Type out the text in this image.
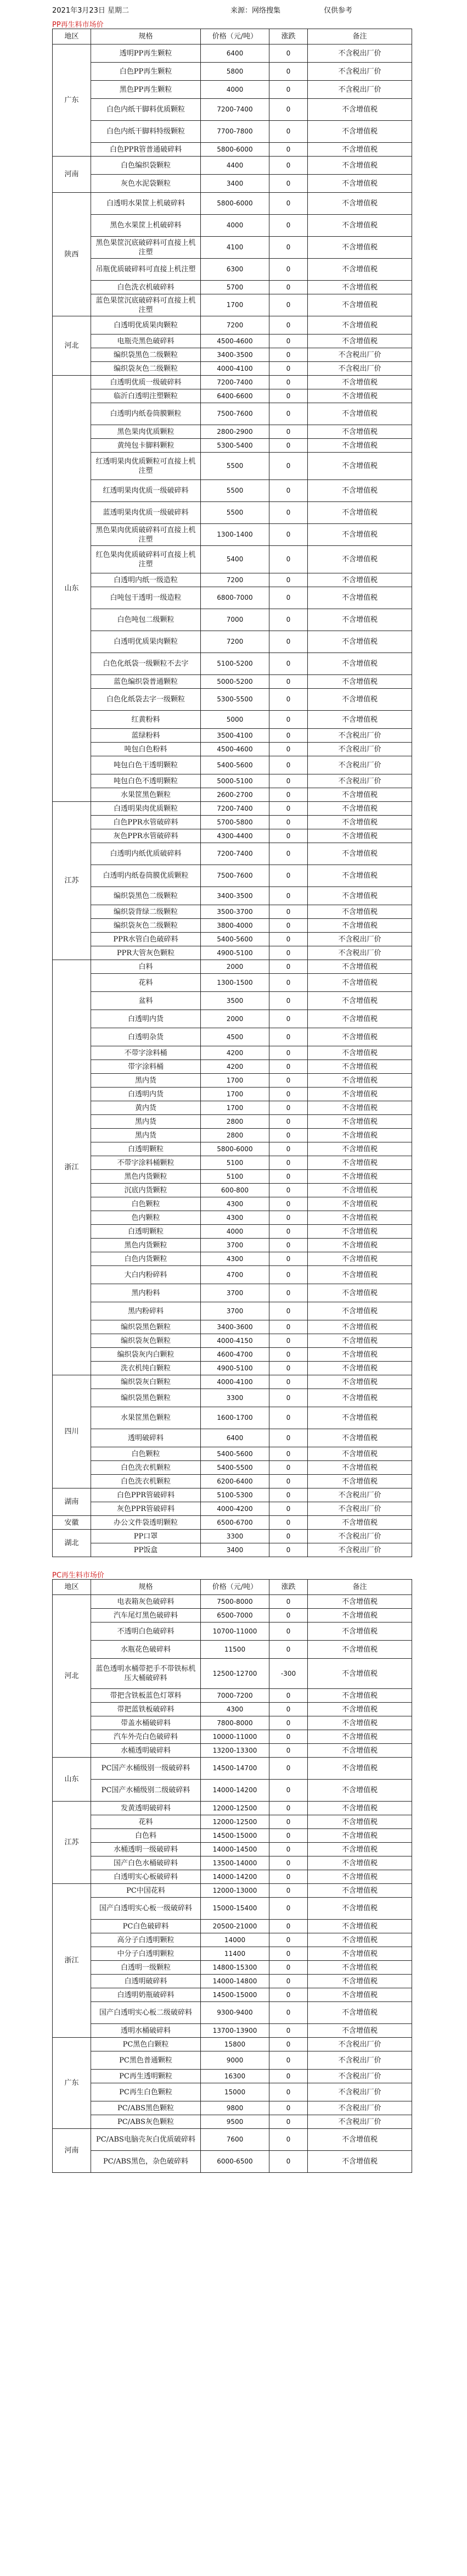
2021年3月23日 星期二	来源：网络搜集	仅供参考
PP再生料市场价
地区	规格	价格（元/吨）	涨跌	备注
广东	透明PP再生颗粒	6400	0	不含税出厂价
	白色PP再生颗粒	5800	0	不含税出厂价
	黑色PP再生颗粒	4000	0	不含税出厂价
	白色内纸干脚料优质颗粒	7200-7400	0	不含增值税
	白色内纸干脚料特级颗粒	7700-7800	0	不含增值税
	白色PPR管普通破碎料	5800-6000	0	不含增值税
河南	白色编织袋颗粒	4400	0	不含增值税
	灰色水泥袋颗粒	3400	0	不含增值税
陕西	白透明水果筐上机破碎料	5800-6000	0	不含增值税
	黑色水果筐上机破碎料	4000	0	不含增值税
	黑色果筐沉底破碎料可直接上机注塑	4100	0	不含增值税
	吊瓶优质破碎料可直接上机注塑	6300	0	不含增值税
	白色洗衣机破碎料	5700	0	不含增值税
	蓝色果筐沉底破碎料可直接上机注塑	1700	0	不含增值税
河北	白透明优质果肉颗粒	7200	0	不含增值税
	电瓶壳黑色破碎料	4500-4600	0	不含增值税
	编织袋黑色二级颗粒	3400-3500	0	不含税出厂价
	编织袋灰色二级颗粒	4000-4100	0	不含税出厂价
山东	白透明优质一级破碎料	7200-7400	0	不含增值税
	临沂白透明注塑颗粒	6400-6600	0	不含增值税
	白透明内纸卷筒膜颗粒	7500-7600	0	不含增值税
	黑色果肉优质颗粒	2800-2900	0	不含增值税
	黄纯包卡脚料颗粒	5300-5400	0	不含增值税
	红透明果肉优质颗粒可直接上机注塑	5500	0	不含增值税
	红透明果肉优质一级破碎料	5500	0	不含增值税
	蓝透明果肉优质一级破碎料	5500	0	不含增值税
	黑色果肉优质破碎料可直接上机注塑	1300-1400	0	不含增值税
	红色果肉优质破碎料可直接上机注塑	5400	0	不含增值税
	白透明内纸一级造粒	7200	0	不含增值税
	白吨包干透明一级造粒	6800-7000	0	不含增值税
	白色吨包二级颗粒	7000	0	不含增值税
	白透明优质果肉颗粒	7200	0	不含增值税
	白色化纸袋一级颗粒不去字	5100-5200	0	不含增值税
	蓝色编织袋普通颗粒	5000-5200	0	不含增值税
	白色化纸袋去字一级颗粒	5300-5500	0	不含增值税
	红黄粉料	5000	0	不含增值税
	蓝绿粉料	3500-4100	0	不含税出厂价
	吨包白色粉料	4500-4600	0	不含税出厂价
	吨包白色干透明颗粒	5400-5600	0	不含税出厂价
	吨包白色不透明颗粒	5000-5100	0	不含税出厂价
	水果筐黑色颗粒	2600-2700	0	不含增值税
江苏	白透明果肉优质颗粒	7200-7400	0	不含增值税
	白色PPR水管破碎料	5700-5800	0	不含增值税
	灰色PPR水管破碎料	4300-4400	0	不含增值税
	白透明内纸优质破碎料	7200-7400	0	不含增值税
	白透明内纸卷筒膜优质颗粒	7500-7600	0	不含增值税
	编织袋黑色二级颗粒	3400-3500	0	不含增值税
	编织袋背绿二级颗粒	3500-3700	0	不含增值税
	编织袋灰色二级颗粒	3800-4000	0	不含增值税
	PPR水管白色破碎料	5400-5600	0	不含税出厂价
	PPR大管灰色颗粒	4900-5100	0	不含税出厂价
浙江	白料	2000	0	不含增值税
	花料	1300-1500	0	不含增值税
	盆料	3500	0	不含增值税
	白透明内货	2000	0	不含增值税
	白透明杂货	4500	0	不含增值税
	不带字涂料桶	4200	0	不含增值税
	带字涂料桶	4200	0	不含增值税
	黑内货	1700	0	不含增值税
	白透明内货	1700	0	不含增值税
	黄内货	1700	0	不含增值税
	黑内货	2800	0	不含增值税
	黑内货	2800	0	不含增值税
	白透明颗粒	5800-6000	0	不含增值税
	不带字涂料桶颗粒	5100	0	不含增值税
	黑色内货颗粒	5100	0	不含增值税
	沉底内货颗粒	600-800	0	不含增值税
	白色颗粒	4300	0	不含增值税
	色内颗粒	4300	0	不含增值税
	白透明颗粒	4000	0	不含增值税
	黑色内货颗粒	3700	0	不含增值税
	白色内货颗粒	4300	0	不含增值税
	大白内粉碎料	4700	0	不含增值税
	黑内粉料	3700	0	不含增值税
	黑内粉碎料	3700	0	不含增值税
	编织袋黑色颗粒	3400-3600	0	不含增值税
	编织袋灰色颗粒	4000-4150	0	不含增值税
	编织袋灰内白颗粒	4600-4700	0	不含增值税
	洗衣机纯白颗粒	4900-5100	0	不含增值税
四川	编织袋灰白颗粒	4000-4100	0	不含增值税
	编织袋黑色颗粒	3300	0	不含增值税
	水果筐黑色颗粒	1600-1700	0	不含增值税
	透明破碎料	6400	0	不含增值税
	白色颗粒	5400-5600	0	不含增值税
	白色洗衣机颗粒	5400-5500	0	不含增值税
	白色洗衣机颗粒	6200-6400	0	不含增值税
湖南	白色PPR管破碎料	5100-5300	0	不含税出厂价
	灰色PPR管破碎料	4000-4200	0	不含税出厂价
安徽	办公文件袋透明颗粒	6500-6700	0	不含增值税
湖北	PP口罩	3300	0	不含税出厂价
	PP饭盒	3400	0	不含税出厂价
PC再生料市场价
地区	规格	价格（元/吨）	涨跌	备注
河北	电表箱灰色破碎料	7500-8000	0	不含增值税
	汽车尾灯黑色破碎料	6500-7000	0	不含增值税
	不透明白色破碎料	10700-11000	0	不含增值税
	水瓶花色破碎料	11500	0	不含增值税
	蓝色透明水桶带把手不带铁标机压大桶破碎料	12500-12700	-300	不含增值税
	带把含铁板蓝色灯罩料	7000-7200	0	不含增值税
	带把蓝铁板破碎料	4300	0	不含增值税
	带盖水桶破碎料	7800-8000	0	不含增值税
	汽车外壳白色破碎料	10000-11000	0	不含增值税
	水桶透明破碎料	13200-13300	0	不含增值税
山东	PC国产水桶级别一级破碎料	14500-14700	0	不含增值税
	PC国产水桶级别二级破碎料	14000-14200	0	不含增值税
江苏	发黄透明破碎料	12000-12500	0	不含增值税
	花料	12000-12500	0	不含增值税
	白色料	14500-15000	0	不含增值税
	水桶透明一级破碎料	14000-14500	0	不含增值税
	国产白色水桶破碎料	13500-14000	0	不含增值税
	白透明实心板破碎料	14000-14200	0	不含增值税
浙江	PC中国花料	12000-13000	0	不含增值税
	国产白透明实心板一级破碎料	15000-15400	0	不含增值税
	PC白色破碎料	20500-21000	0	不含增值税
	高分子白透明颗粒	14000	0	不含增值税
	中分子白透明颗粒	11400	0	不含增值税
	白透明一级颗粒	14800-15300	0	不含增值税
	白透明破碎料	14000-14800	0	不含增值税
	白透明奶瓶破碎料	14500-15000	0	不含增值税
	国产白透明实心板二级破碎料	9300-9400	0	不含增值税
	透明水桶破碎料	13700-13900	0	不含增值税
广东	PC黑色白颗粒	15800	0	不含税出厂价
	PC黑色普通颗粒	9000	0	不含税出厂价
	PC再生透明颗粒	16300	0	不含税出厂价
	PC再生白色颗粒	15000	0	不含税出厂价
	PC/ABS黑色颗粒	9800	0	不含税出厂价
	PC/ABS灰色颗粒	9500	0	不含税出厂价
河南	PC/ABS电脑壳灰白优质破碎料	7600	0	不含增值税
	PC/ABS黑色，杂色破碎料	6000-6500	0	不含增值税
